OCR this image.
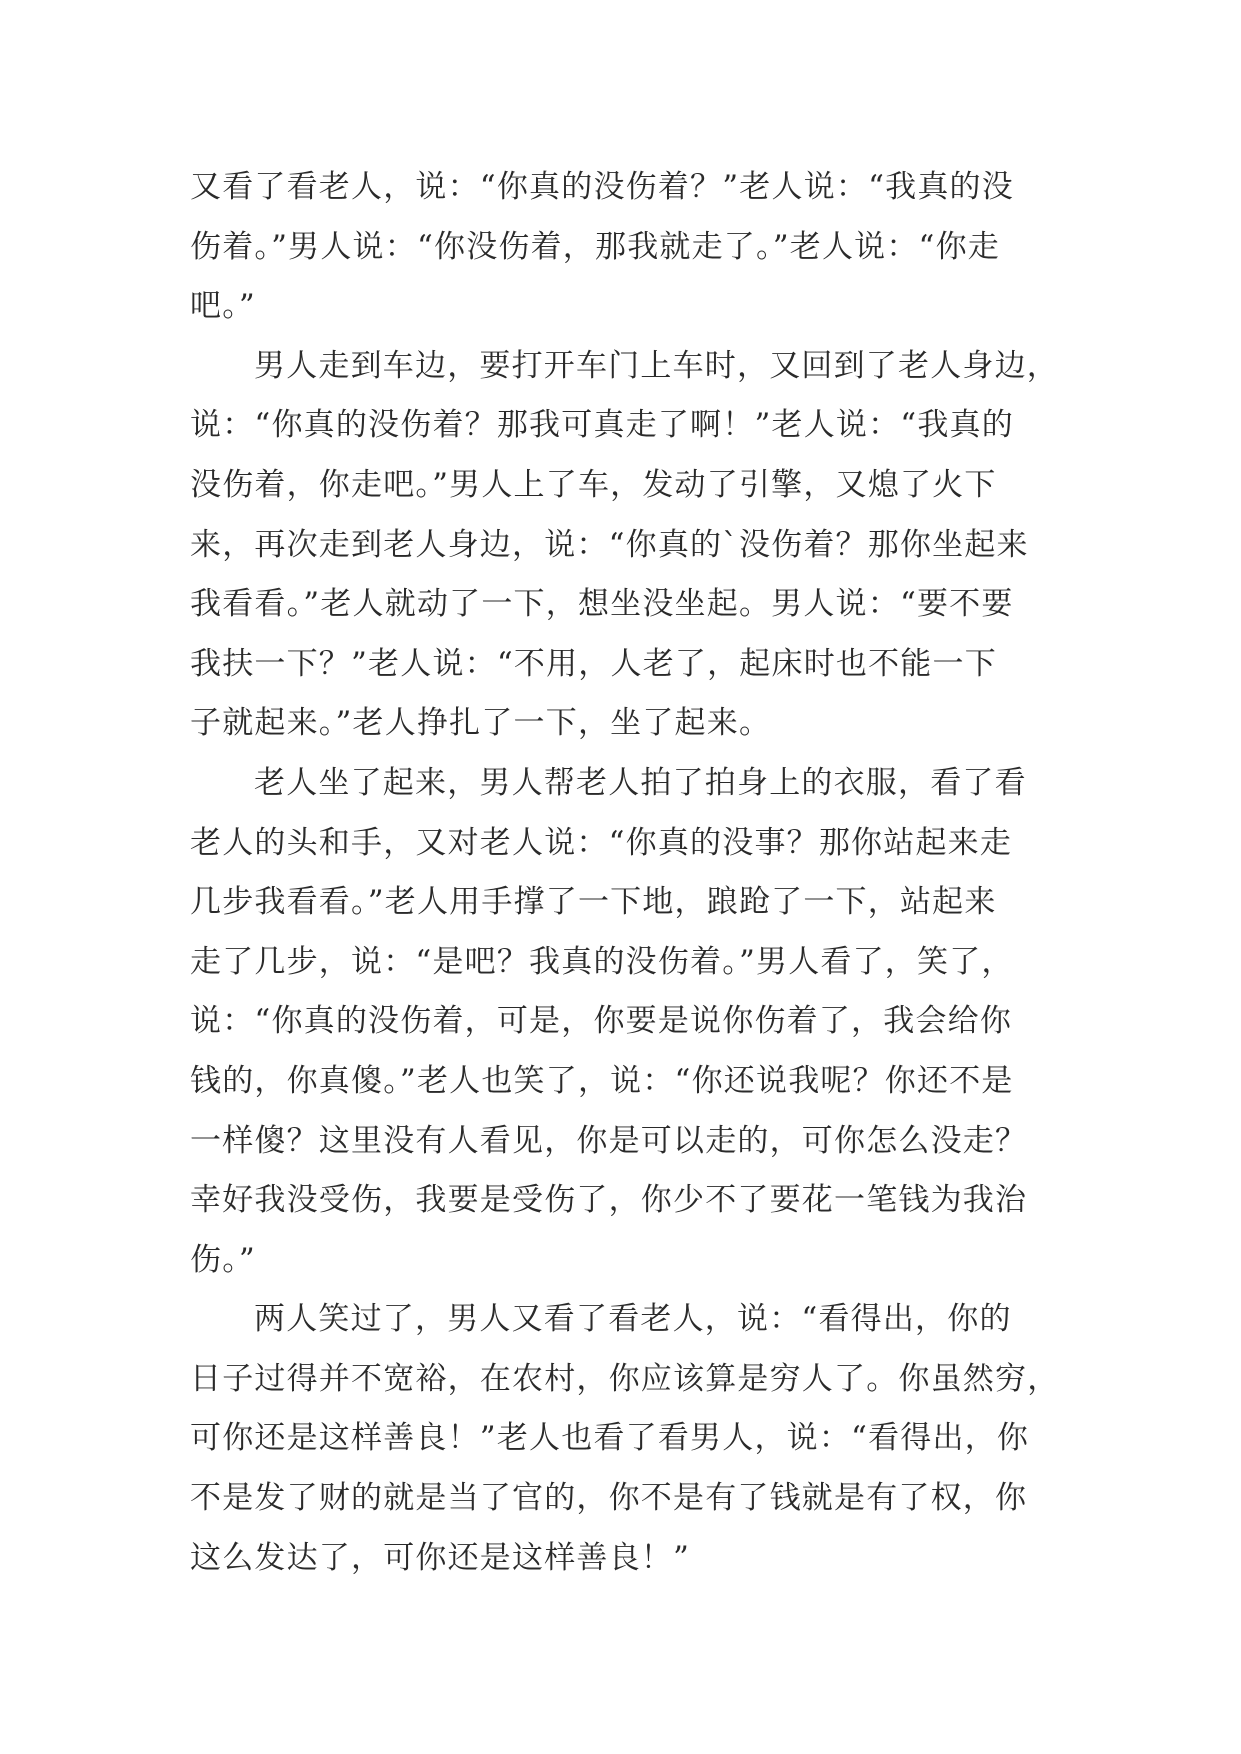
又看了看老人，说：“你真的没伤着？”老人说：“我真的没
伤着。”男人说：“你没伤着，那我就走了。”老人说：“你走
吧。”
男人走到车边，要打开车门上车时，又回到了老人身边，
说：“你真的没伤着？那我可真走了啊！”老人说：“我真的
没伤着，你走吧。”男人上了车，发动了引擎，又熄了火下
来，再次走到老人身边，说：“你真的`没伤着？那你坐起来
我看看。”老人就动了一下，想坐没坐起。男人说：“要不要
我扶一下？”老人说：“不用，人老了，起床时也不能一下
子就起来。”老人挣扎了一下，坐了起来。
老人坐了起来，男人帮老人拍了拍身上的衣服，看了看
老人的头和手，又对老人说：“你真的没事？那你站起来走
几步我看看。”老人用手撑了一下地，踉跄了一下，站起来
走了几步，说：“是吧？我真的没伤着。”男人看了，笑了，
说：“你真的没伤着，可是，你要是说你伤着了，我会给你
钱的，你真傻。”老人也笑了，说：“你还说我呢？你还不是
一样傻？这里没有人看见，你是可以走的，可你怎么没走？
幸好我没受伤，我要是受伤了，你少不了要花一笔钱为我治
伤。”
两人笑过了，男人又看了看老人，说：“看得出，你的
日子过得并不宽裕，在农村，你应该算是穷人了。你虽然穷，
可你还是这样善良！”老人也看了看男人，说：“看得出，你
不是发了财的就是当了官的，你不是有了钱就是有了权，你
这么发达了，可你还是这样善良！”
